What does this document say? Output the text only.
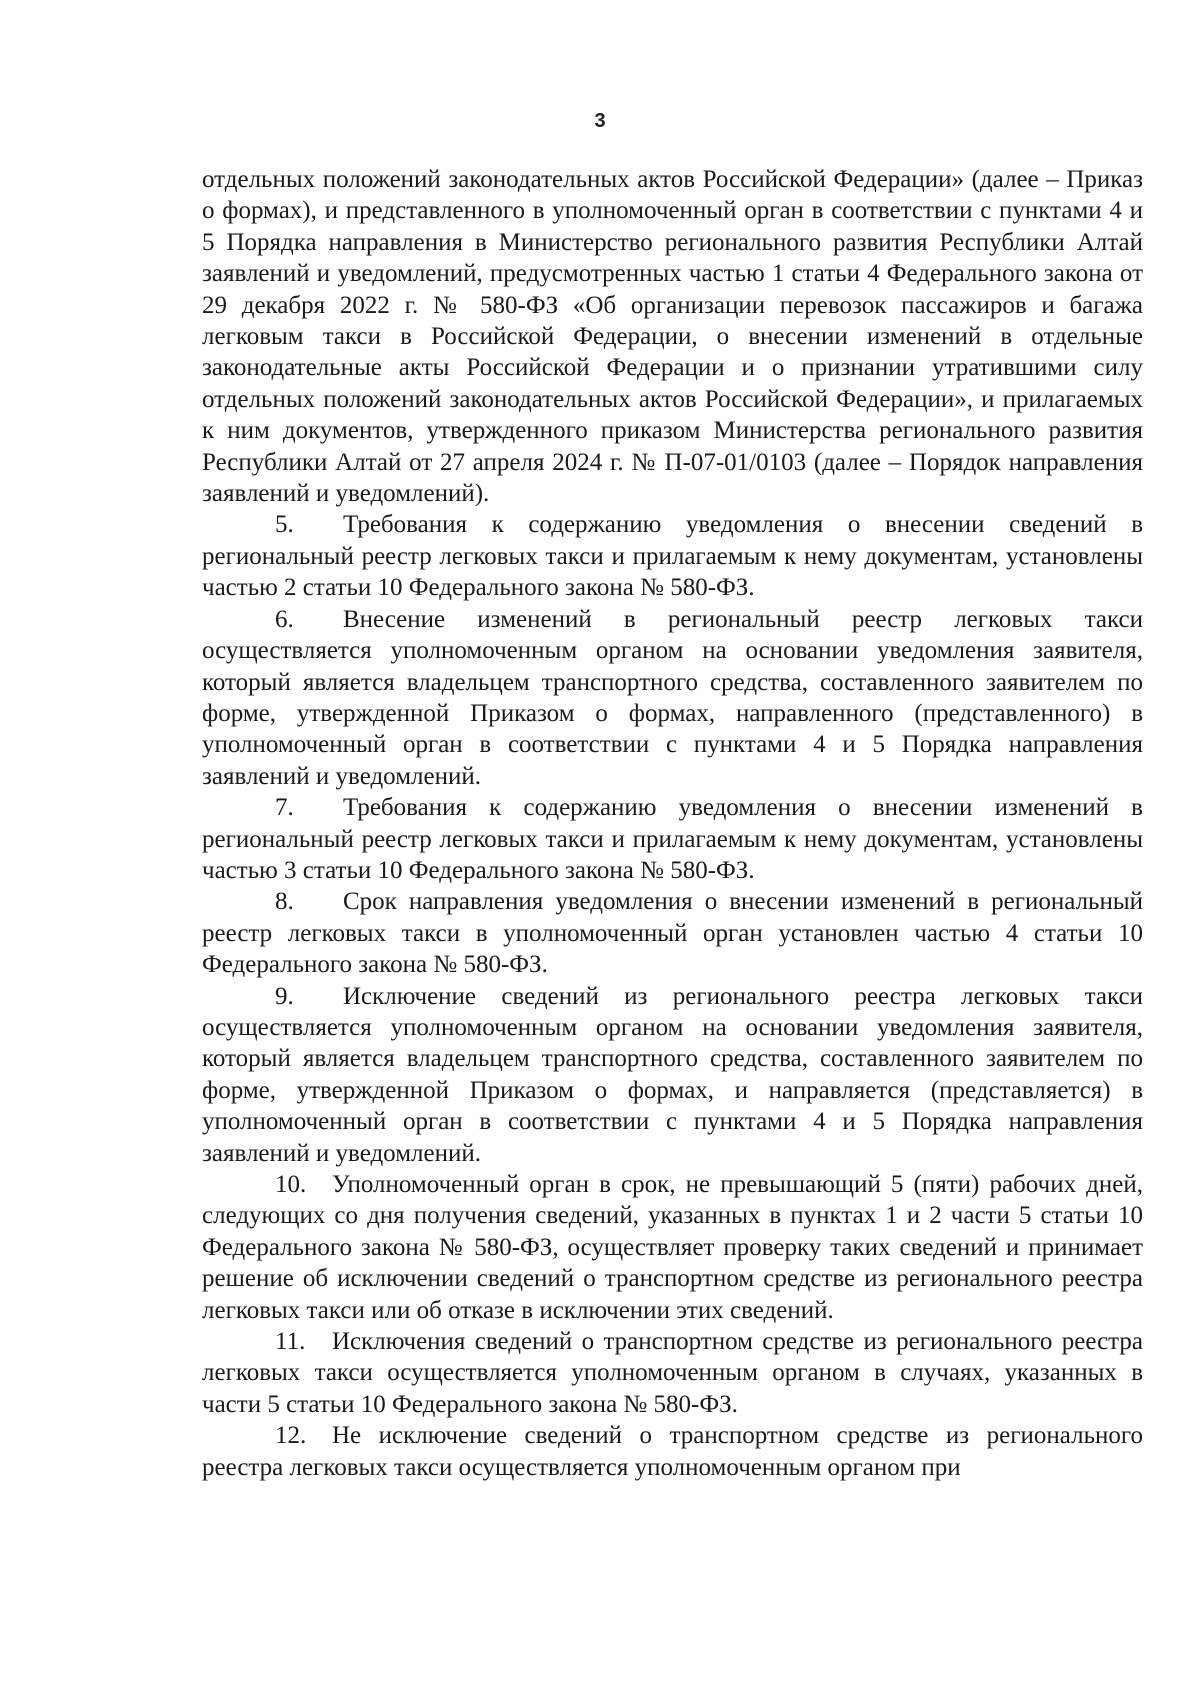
3

отдельных положений законодательных актов Российской Федерации» (далее – Приказ о формах), и представленного в уполномоченный орган в соответствии с пунктами 4 и 5 Порядка направления в Министерство регионального развития Республики Алтай заявлений и уведомлений, предусмотренных частью 1 статьи 4 Федерального закона от 29 декабря 2022 г. № 580-ФЗ «Об организации перевозок пассажиров и багажа легковым такси в Российской Федерации, о внесении изменений в отдельные законодательные акты Российской Федерации и о признании утратившими силу отдельных положений законодательных актов Российской Федерации», и прилагаемых к ним документов, утвержденного приказом Министерства регионального развития Республики Алтай от 27 апреля 2024 г. № П-07-01/0103 (далее – Порядок направления заявлений и уведомлений).

5. Требования к содержанию уведомления о внесении сведений в региональный реестр легковых такси и прилагаемым к нему документам, установлены частью 2 статьи 10 Федерального закона № 580-ФЗ.

6. Внесение изменений в региональный реестр легковых такси осуществляется уполномоченным органом на основании уведомления заявителя, который является владельцем транспортного средства, составленного заявителем по форме, утвержденной Приказом о формах, направленного (представленного) в уполномоченный орган в соответствии с пунктами 4 и 5 Порядка направления заявлений и уведомлений.

7. Требования к содержанию уведомления о внесении изменений в региональный реестр легковых такси и прилагаемым к нему документам, установлены частью 3 статьи 10 Федерального закона № 580-ФЗ.

8. Срок направления уведомления о внесении изменений в региональный реестр легковых такси в уполномоченный орган установлен частью 4 статьи 10 Федерального закона № 580-ФЗ.

9. Исключение сведений из регионального реестра легковых такси осуществляется уполномоченным органом на основании уведомления заявителя, который является владельцем транспортного средства, составленного заявителем по форме, утвержденной Приказом о формах, и направляется (представляется) в уполномоченный орган в соответствии с пунктами 4 и 5 Порядка направления заявлений и уведомлений.

10. Уполномоченный орган в срок, не превышающий 5 (пяти) рабочих дней, следующих со дня получения сведений, указанных в пунктах 1 и 2 части 5 статьи 10 Федерального закона № 580-ФЗ, осуществляет проверку таких сведений и принимает решение об исключении сведений о транспортном средстве из регионального реестра легковых такси или об отказе в исключении этих сведений.

11. Исключения сведений о транспортном средстве из регионального реестра легковых такси осуществляется уполномоченным органом в случаях, указанных в части 5 статьи 10 Федерального закона № 580-ФЗ.

12. Не исключение сведений о транспортном средстве из регионального реестра легковых такси осуществляется уполномоченным органом при
